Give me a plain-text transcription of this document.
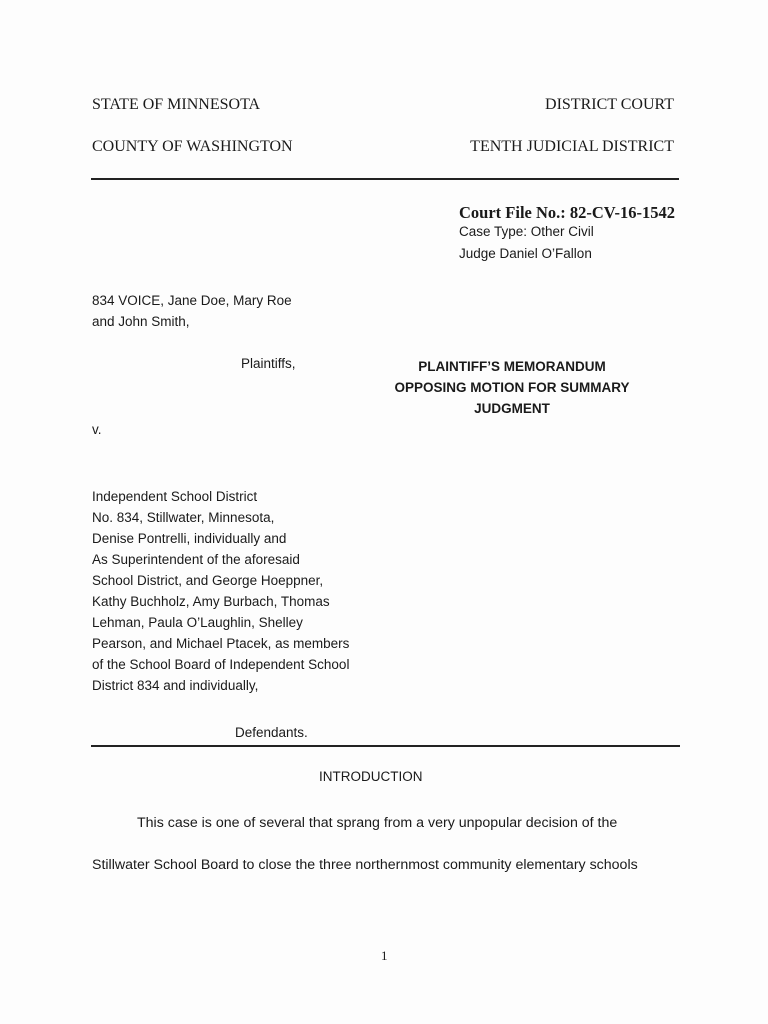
STATE OF MINNESOTA	DISTRICT COURT
COUNTY OF WASHINGTON	TENTH JUDICIAL DISTRICT
Court File No.: 82-CV-16-1542
Case Type: Other Civil
Judge Daniel O’Fallon
834 VOICE, Jane Doe, Mary Roe
and John Smith,
Plaintiffs,	PLAINTIFF’S MEMORANDUM
OPPOSING MOTION FOR SUMMARY
JUDGMENT
v.
Independent School District
No. 834, Stillwater, Minnesota,
Denise Pontrelli, individually and
As Superintendent of the aforesaid
School District, and George Hoeppner,
Kathy Buchholz, Amy Burbach, Thomas
Lehman, Paula O’Laughlin, Shelley
Pearson, and Michael Ptacek, as members
of the School Board of Independent School
District 834 and individually,
Defendants.
INTRODUCTION
This case is one of several that sprang from a very unpopular decision of the
Stillwater School Board to close the three northernmost community elementary schools
1
